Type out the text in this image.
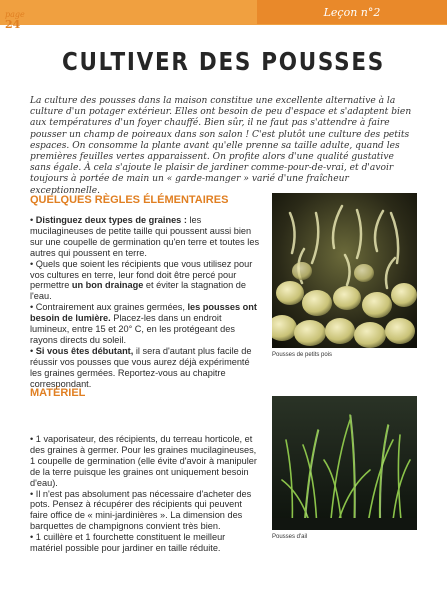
Leçon n°2
page
24
CULTIVER DES POUSSES

La culture des pousses dans la maison constitue une excellente alternative à la culture d'un potager extérieur. Elles ont besoin de peu d'espace et s'adaptent bien aux températures d'un foyer chauffé. Bien sûr, il ne faut pas s'attendre à faire pousser un champ de poireaux dans son salon ! C'est plutôt une culture des petits espaces. On consomme la plante avant qu'elle prenne sa taille adulte, quand les premières feuilles vertes apparaissent. On profite alors d'une qualité gustative sans égale. À cela s'ajoute le plaisir de jardiner comme-pour-de-vrai, et d'avoir toujours à portée de main un « garde-manger » varié d'une fraîcheur exceptionnelle.

QUELQUES RÈGLES ÉLÉMENTAIRES

• Distinguez deux types de graines : les mucilagineuses de petite taille qui poussent aussi bien sur une coupelle de germination qu'en terre et toutes les autres qui poussent en terre.

• Quels que soient les récipients que vous utilisez pour vos cultures en terre, leur fond doit être percé pour permettre un bon drainage et éviter la stagnation de l'eau.

• Contrairement aux graines germées, les pousses ont besoin de lumière. Placez-les dans un endroit lumineux, entre 15 et 20° C, en les protégeant des rayons directs du soleil.

• Si vous êtes débutant, il sera d'autant plus facile de réussir vos pousses que vous aurez déjà expérimenté les graines germées. Reportez-vous au chapitre correspondant.

Pousses de petits pois
MATÉRIEL

• 1 vaporisateur, des récipients, du terreau horticole, et des graines à germer. Pour les graines mucilagineuses, 1 coupelle de germination (elle évite d'avoir à manipuler de la terre puisque les graines ont uniquement besoin d'eau).

• Il n'est pas absolument pas nécessaire d'acheter des pots. Pensez à récupérer des récipients qui peuvent faire office de « mini-jardinières ». La dimension des barquettes de champignons convient très bien.

• 1 cuillère et 1 fourchette constituent le meilleur matériel possible pour jardiner en taille réduite.

Pousses d'ail
